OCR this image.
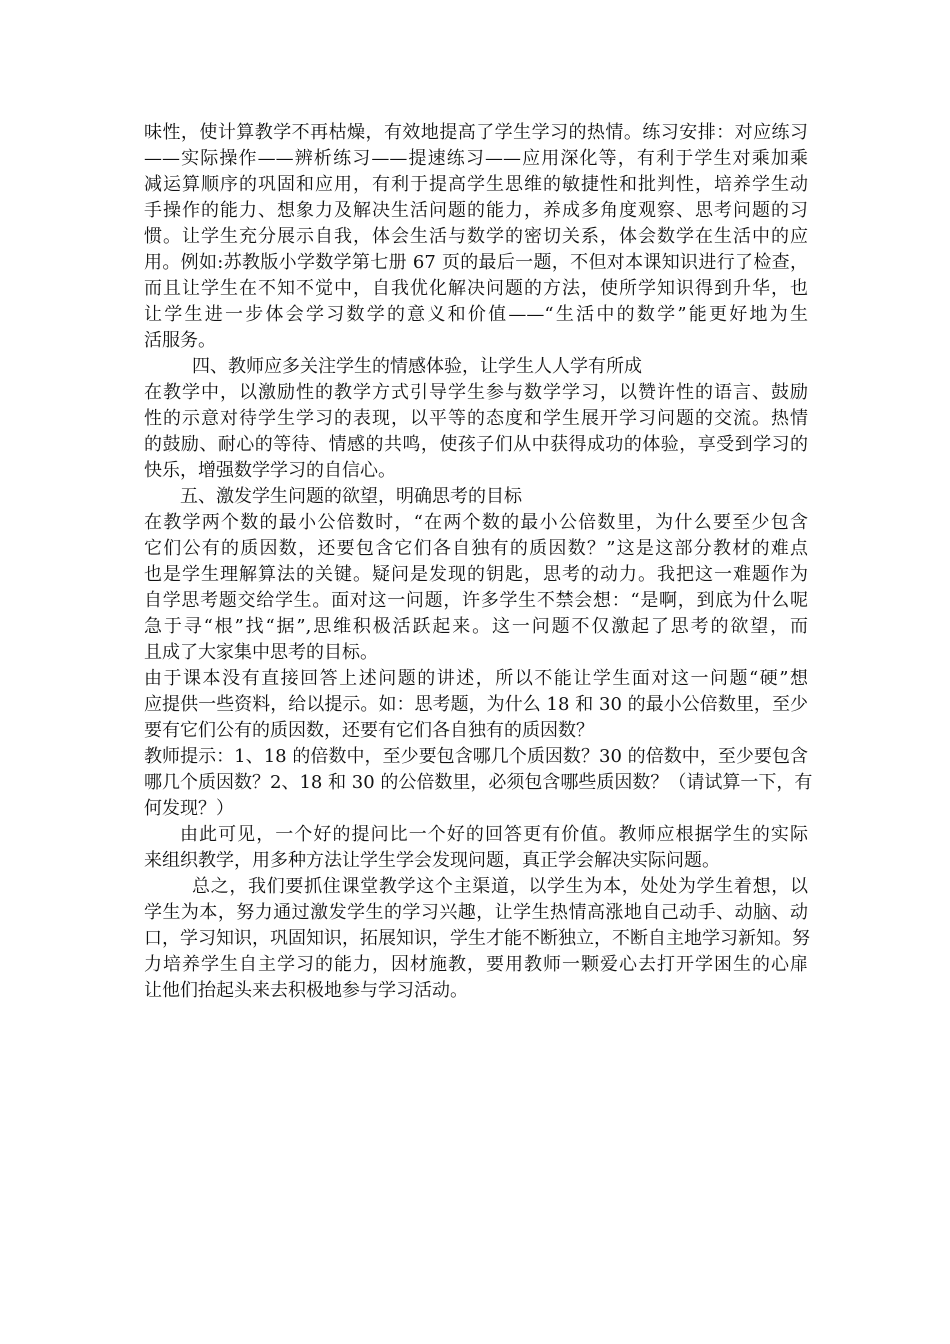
味性，使计算教学不再枯燥，有效地提高了学生学习的热情。练习安排：对应练习
——实际操作——辨析练习——提速练习——应用深化等，有利于学生对乘加乘
减运算顺序的巩固和应用，有利于提高学生思维的敏捷性和批判性，培养学生动
手操作的能力、想象力及解决生活问题的能力，养成多角度观察、思考问题的习
惯。让学生充分展示自我，体会生活与数学的密切关系，体会数学在生活中的应
用。例如:苏教版小学数学第七册 67 页的最后一题，不但对本课知识进行了检查，
而且让学生在不知不觉中，自我优化解决问题的方法，使所学知识得到升华，也
让学生进一步体会学习数学的意义和价值——“生活中的数学”能更好地为生
活服务。
四、教师应多关注学生的情感体验，让学生人人学有所成
在教学中，以激励性的教学方式引导学生参与数学学习，以赞许性的语言、鼓励
性的示意对待学生学习的表现，以平等的态度和学生展开学习问题的交流。热情
的鼓励、耐心的等待、情感的共鸣，使孩子们从中获得成功的体验，享受到学习的
快乐，增强数学学习的自信心。
五、激发学生问题的欲望，明确思考的目标
在教学两个数的最小公倍数时，“在两个数的最小公倍数里，为什么要至少包含
它们公有的质因数，还要包含它们各自独有的质因数？”这是这部分教材的难点
也是学生理解算法的关键。疑问是发现的钥匙，思考的动力。我把这一难题作为
自学思考题交给学生。面对这一问题，许多学生不禁会想：“是啊，到底为什么呢
急于寻“根”找“据”,思维积极活跃起来。这一问题不仅激起了思考的欲望，而
且成了大家集中思考的目标。
由于课本没有直接回答上述问题的讲述，所以不能让学生面对这一问题“硬”想
应提供一些资料，给以提示。如：思考题，为什么 18 和 30 的最小公倍数里，至少
要有它们公有的质因数，还要有它们各自独有的质因数？
教师提示：1、18 的倍数中，至少要包含哪几个质因数？30 的倍数中，至少要包含
哪几个质因数？2、18 和 30 的公倍数里，必须包含哪些质因数？（请试算一下，有
何发现？）
由此可见，一个好的提问比一个好的回答更有价值。教师应根据学生的实际
来组织教学，用多种方法让学生学会发现问题，真正学会解决实际问题。
总之，我们要抓住课堂教学这个主渠道，以学生为本，处处为学生着想，以
学生为本，努力通过激发学生的学习兴趣，让学生热情高涨地自己动手、动脑、动
口，学习知识，巩固知识，拓展知识，学生才能不断独立，不断自主地学习新知。努
力培养学生自主学习的能力，因材施教，要用教师一颗爱心去打开学困生的心扉
让他们抬起头来去积极地参与学习活动。
